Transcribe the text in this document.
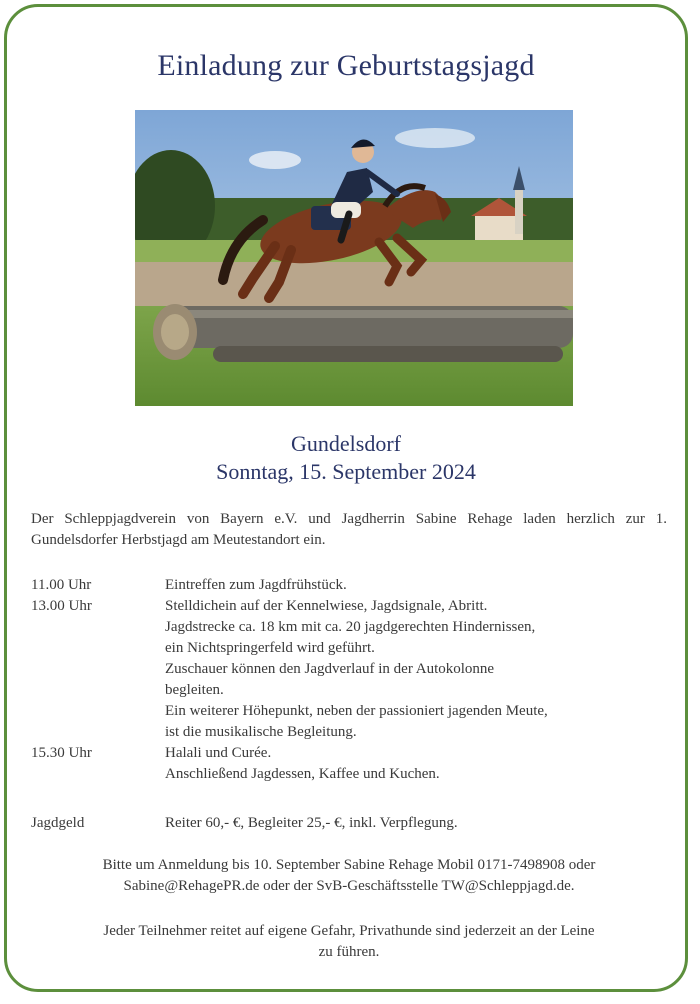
Einladung zur Geburtstagsjagd
Gundelsdorf
Sonntag, 15. September 2024
Der Schleppjagdverein von Bayern e.V. und Jagdherrin Sabine Rehage laden herzlich zur 1. Gundelsdorfer Herbstjagd am Meutestandort ein.
11.00 Uhr	Eintreffen zum Jagdfrühstück.
13.00 Uhr	Stelldichein auf der Kennelwiese, Jagdsignale, Abritt.
Jagdstrecke ca. 18 km mit ca. 20 jagdgerechten Hindernissen,
ein Nichtspringerfeld wird geführt.
Zuschauer können den Jagdverlauf in der Autokolonne
begleiten.
Ein weiterer Höhepunkt, neben der passioniert jagenden Meute,
ist die musikalische Begleitung.
15.30 Uhr	Halali und Curée.
Anschließend Jagdessen, Kaffee und Kuchen.
Jagdgeld	Reiter 60,- €, Begleiter 25,- €, inkl. Verpflegung.
Bitte um Anmeldung bis 10. September Sabine Rehage Mobil 0171-7498908 oder
Sabine@RehagePR.de oder der SvB-Geschäftsstelle TW@Schleppjagd.de.
Jeder Teilnehmer reitet auf eigene Gefahr, Privathunde sind jederzeit an der Leine
zu führen.
